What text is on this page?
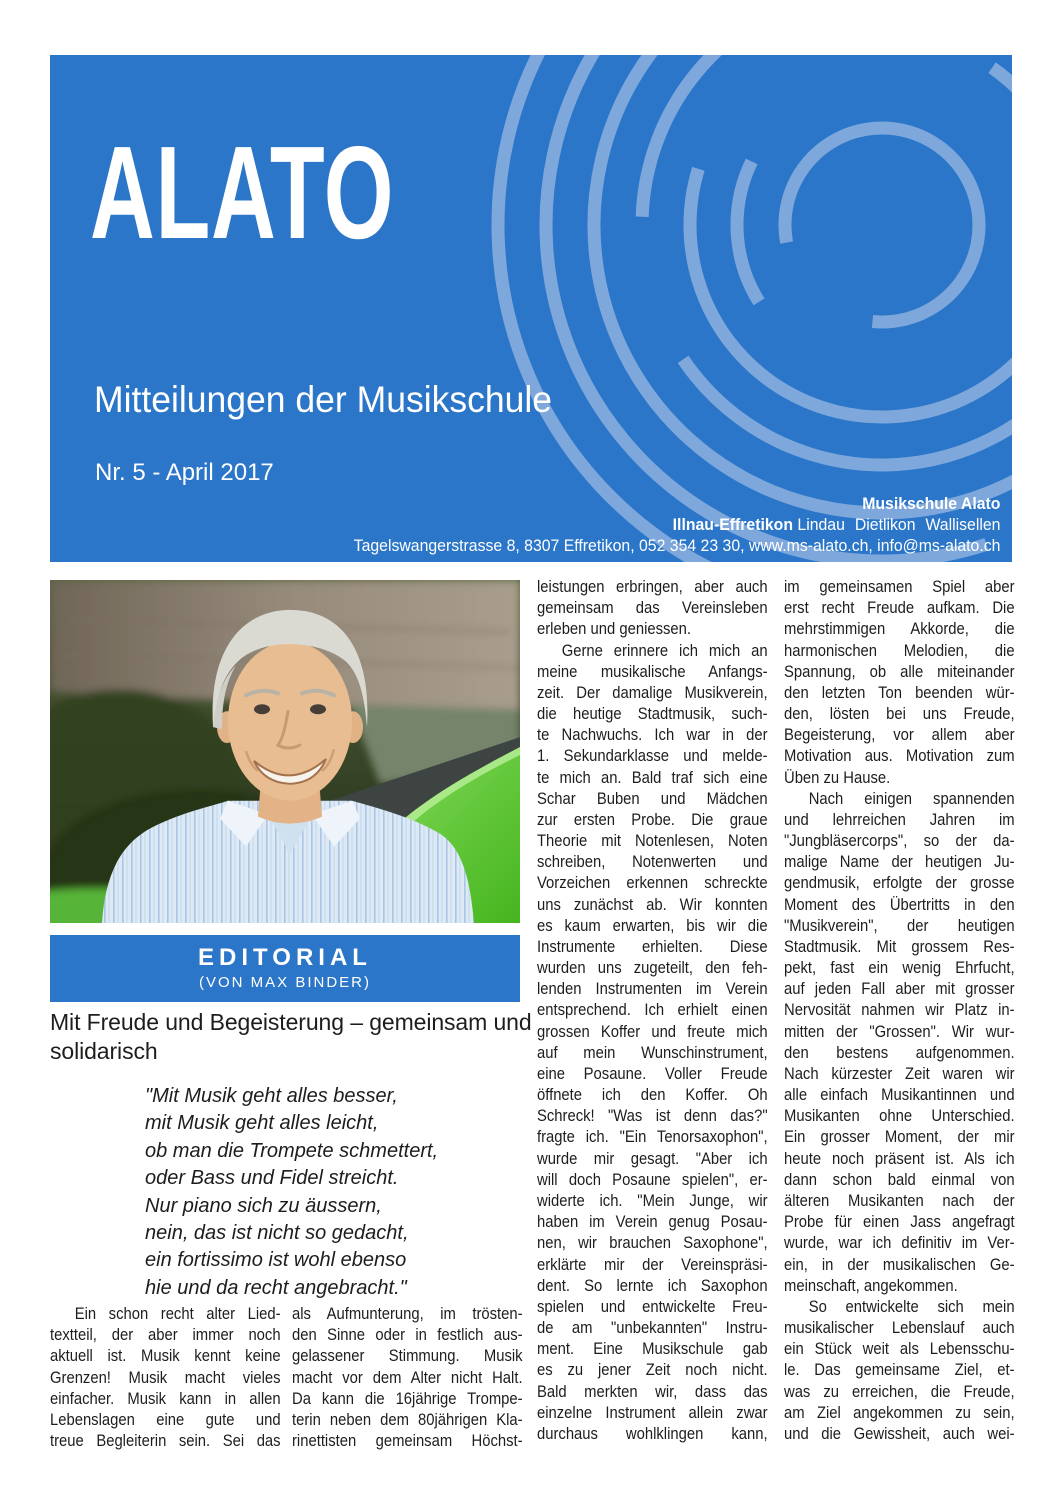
ALATO
Mitteilungen der Musikschule
Nr. 5 - April 2017
Musikschule Alato
Illnau-Effretikon Lindau Dietlikon Wallisellen
Tagelswangerstrasse 8, 8307 Effretikon, 052 354 23 30, www.ms-alato.ch, info@ms-alato.ch
EDITORIAL
(VON MAX BINDER)
Mit Freude und Begeisterung – gemeinsam und solidarisch
"Mit Musik geht alles besser,
mit Musik geht alles leicht,
ob man die Trompete schmettert,
oder Bass und Fidel streicht.
Nur piano sich zu äussern,
nein, das ist nicht so gedacht,
ein fortissimo ist wohl ebenso
hie und da recht angebracht."
Ein schon recht alter Lied-
textteil, der aber immer noch
aktuell ist. Musik kennt keine
Grenzen! Musik macht vieles
einfacher. Musik kann in allen
Lebenslagen eine gute und
treue Begleiterin sein. Sei das
als Aufmunterung, im trösten-
den Sinne oder in festlich aus-
gelassener Stimmung. Musik
macht vor dem Alter nicht Halt.
Da kann die 16jährige Trompe-
terin neben dem 80jährigen Kla-
rinettisten gemeinsam Höchst-
leistungen erbringen, aber auch
gemeinsam das Vereinsleben
erleben und geniessen.
Gerne erinnere ich mich an
meine musikalische Anfangs-
zeit. Der damalige Musikverein,
die heutige Stadtmusik, such-
te Nachwuchs. Ich war in der
1. Sekundarklasse und melde-
te mich an. Bald traf sich eine
Schar Buben und Mädchen
zur ersten Probe. Die graue
Theorie mit Notenlesen, Noten
schreiben, Notenwerten und
Vorzeichen erkennen schreckte
uns zunächst ab. Wir konnten
es kaum erwarten, bis wir die
Instrumente erhielten. Diese
wurden uns zugeteilt, den feh-
lenden Instrumenten im Verein
entsprechend. Ich erhielt einen
grossen Koffer und freute mich
auf mein Wunschinstrument,
eine Posaune. Voller Freude
öffnete ich den Koffer. Oh
Schreck! "Was ist denn das?"
fragte ich. "Ein Tenorsaxophon",
wurde mir gesagt. "Aber ich
will doch Posaune spielen", er-
widerte ich. "Mein Junge, wir
haben im Verein genug Posau-
nen, wir brauchen Saxophone",
erklärte mir der Vereinspräsi-
dent. So lernte ich Saxophon
spielen und entwickelte Freu-
de am "unbekannten" Instru-
ment. Eine Musikschule gab
es zu jener Zeit noch nicht.
Bald merkten wir, dass das
einzelne Instrument allein zwar
durchaus wohlklingen kann,
im gemeinsamen Spiel aber
erst recht Freude aufkam. Die
mehrstimmigen Akkorde, die
harmonischen Melodien, die
Spannung, ob alle miteinander
den letzten Ton beenden wür-
den, lösten bei uns Freude,
Begeisterung, vor allem aber
Motivation aus. Motivation zum
Üben zu Hause.
Nach einigen spannenden
und lehrreichen Jahren im
"Jungbläsercorps", so der da-
malige Name der heutigen Ju-
gendmusik, erfolgte der grosse
Moment des Übertritts in den
"Musikverein", der heutigen
Stadtmusik. Mit grossem Res-
pekt, fast ein wenig Ehrfucht,
auf jeden Fall aber mit grosser
Nervosität nahmen wir Platz in-
mitten der "Grossen". Wir wur-
den bestens aufgenommen.
Nach kürzester Zeit waren wir
alle einfach Musikantinnen und
Musikanten ohne Unterschied.
Ein grosser Moment, der mir
heute noch präsent ist. Als ich
dann schon bald einmal von
älteren Musikanten nach der
Probe für einen Jass angefragt
wurde, war ich definitiv im Ver-
ein, in der musikalischen Ge-
meinschaft, angekommen.
So entwickelte sich mein
musikalischer Lebenslauf auch
ein Stück weit als Lebensschu-
le. Das gemeinsame Ziel, et-
was zu erreichen, die Freude,
am Ziel angekommen zu sein,
und die Gewissheit, auch wei-
